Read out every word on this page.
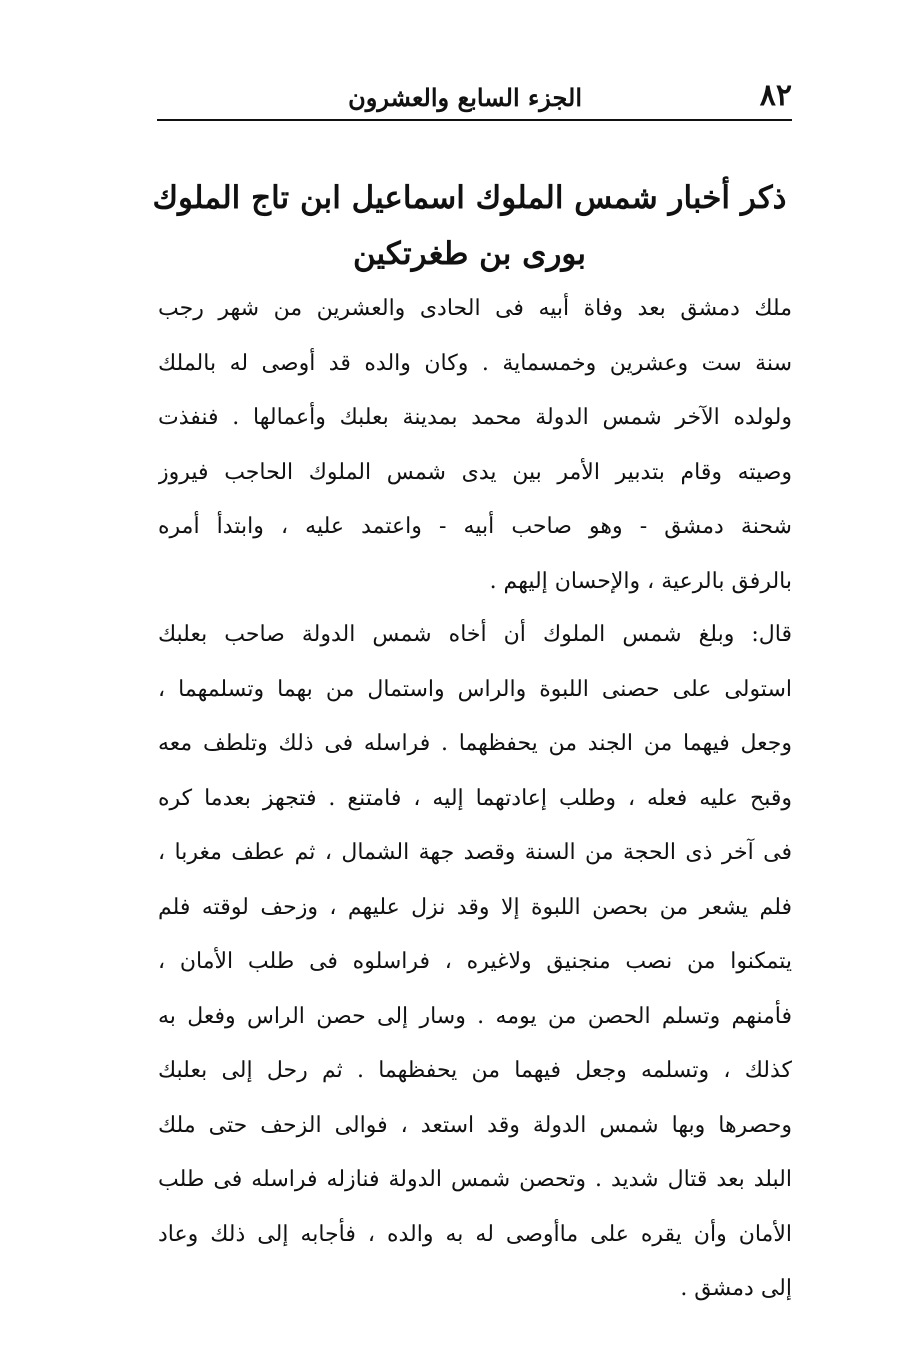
٨٢
الجزء السابع والعشرون
ذكر أخبار شمس الملوك اسماعيل ابن تاج الملوك
بورى بن طغرتكين
ملك دمشق بعد وفاة أبيه فى الحادى والعشرين من شهر رجب
سنة ست وعشرين وخمسماية . وكان والده قد أوصى له بالملك
ولولده الآخر شمس الدولة محمد بمدينة بعلبك وأعمالها . فنفذت
وصيته وقام بتدبير الأمر بين يدى شمس الملوك الحاجب فيروز
شحنة دمشق - وهو صاحب أبيه - واعتمد عليه ، وابتدأ أمره
بالرفق بالرعية ، والإحسان إليهم .
قال: وبلغ شمس الملوك أن أخاه شمس الدولة صاحب بعلبك
استولى على حصنى اللبوة والراس واستمال من بهما وتسلمهما ،
وجعل فيهما من الجند من يحفظهما . فراسله فى ذلك وتلطف معه
وقبح عليه فعله ، وطلب إعادتهما إليه ، فامتنع . فتجهز بعدما كره
فى آخر ذى الحجة من السنة وقصد جهة الشمال ، ثم عطف مغربا ،
فلم يشعر من بحصن اللبوة إلا وقد نزل عليهم ، وزحف لوقته فلم
يتمكنوا من نصب منجنيق ولاغيره ، فراسلوه فى طلب الأمان ،
فأمنهم وتسلم الحصن من يومه . وسار إلى حصن الراس وفعل به
كذلك ، وتسلمه وجعل فيهما من يحفظهما . ثم رحل إلى بعلبك
وحصرها وبها شمس الدولة وقد استعد ، فوالى الزحف حتى ملك
البلد بعد قتال شديد . وتحصن شمس الدولة فنازله فراسله فى طلب
الأمان وأن يقره على ماأوصى له به والده ، فأجابه إلى ذلك وعاد
إلى دمشق .
